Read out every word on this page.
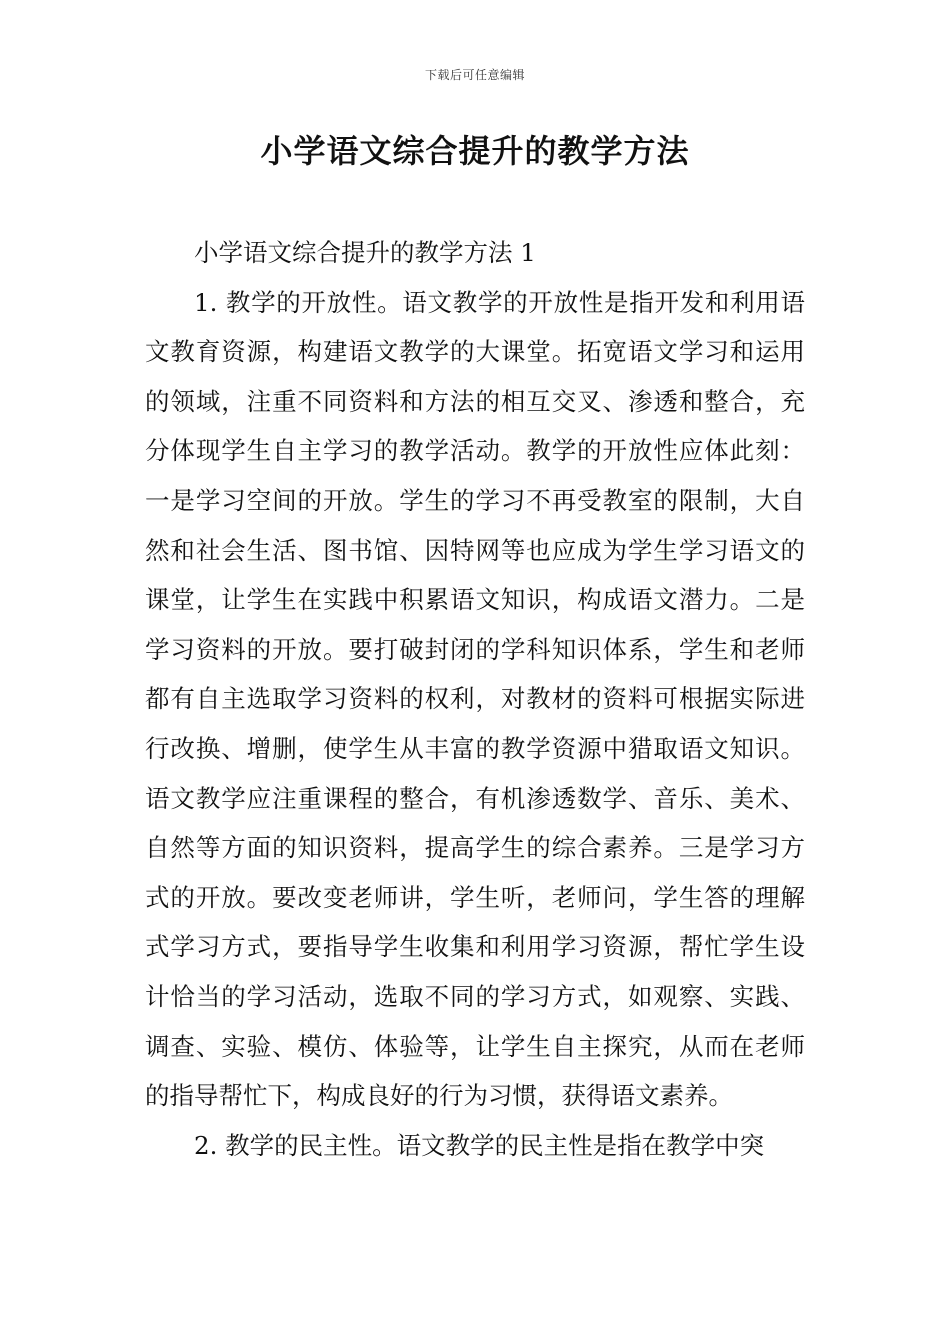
下载后可任意编辑
小学语文综合提升的教学方法

小学语文综合提升的教学方法 1

1. 教学的开放性。语文教学的开放性是指开发和利用语文教育资源，构建语文教学的大课堂。拓宽语文学习和运用的领域，注重不同资料和方法的相互交叉、渗透和整合，充分体现学生自主学习的教学活动。教学的开放性应体此刻：一是学习空间的开放。学生的学习不再受教室的限制，大自然和社会生活、图书馆、因特网等也应成为学生学习语文的课堂，让学生在实践中积累语文知识，构成语文潜力。二是学习资料的开放。要打破封闭的学科知识体系，学生和老师都有自主选取学习资料的权利，对教材的资料可根据实际进行改换、增删，使学生从丰富的教学资源中猎取语文知识。语文教学应注重课程的整合，有机渗透数学、音乐、美术、自然等方面的知识资料，提高学生的综合素养。三是学习方式的开放。要改变老师讲，学生听，老师问，学生答的理解式学习方式，要指导学生收集和利用学习资源，帮忙学生设计恰当的学习活动，选取不同的学习方式，如观察、实践、调查、实验、模仿、体验等，让学生自主探究，从而在老师的指导帮忙下，构成良好的行为习惯，获得语文素养。

2. 教学的民主性。语文教学的民主性是指在教学中突
